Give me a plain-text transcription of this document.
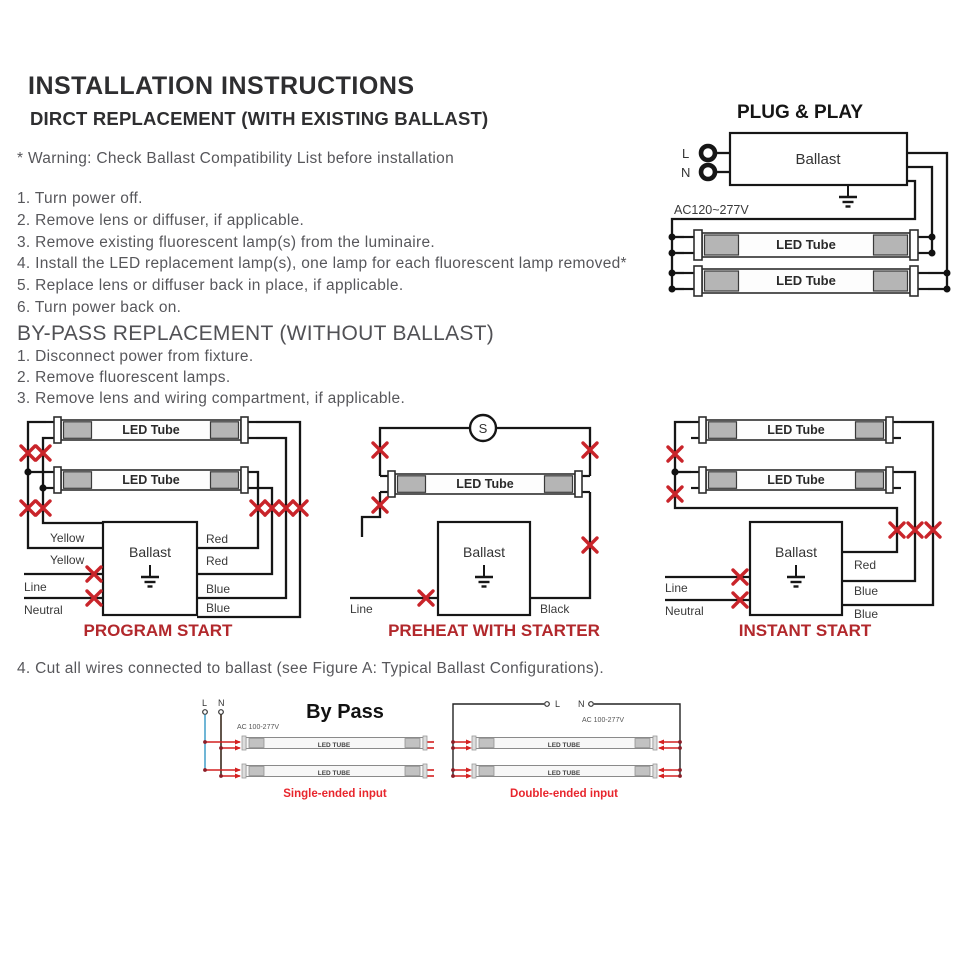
INSTALLATION INSTRUCTIONS
DIRCT REPLACEMENT (WITH EXISTING BALLAST)
* Warning: Check Ballast Compatibility List before installation
1. Turn power off.
2. Remove lens or diffuser, if applicable.
3. Remove existing fluorescent lamp(s) from the luminaire.
4. Install the LED replacement lamp(s), one lamp for each fluorescent lamp removed*
5. Replace lens or diffuser back in place, if applicable.
6. Turn power back on.
BY-PASS REPLACEMENT (WITHOUT BALLAST)
1. Disconnect power from fixture.
2. Remove fluorescent lamps.
3. Remove lens and wiring compartment, if applicable.
4. Cut all wires connected to ballast (see Figure A: Typical Ballast Configurations).
PLUG & PLAY
Ballast
L
N
AC120~277V
LED Tube
LED Tube
LED Tube
LED Tube
Ballast
Yellow
Yellow
Line
Neutral
Red
Red
Blue
Blue
PROGRAM START
S
LED Tube
Ballast
Line	Black
PREHEAT WITH STARTER
LED Tube
LED Tube
Ballast
Line
Neutral
Red
Blue
Blue
INSTANT START
L N	By Pass
AC 100-277V
LED TUBE
LED TUBE
Single-ended input
L N
AC 100-277V
LED TUBE
LED TUBE
Double-ended input
